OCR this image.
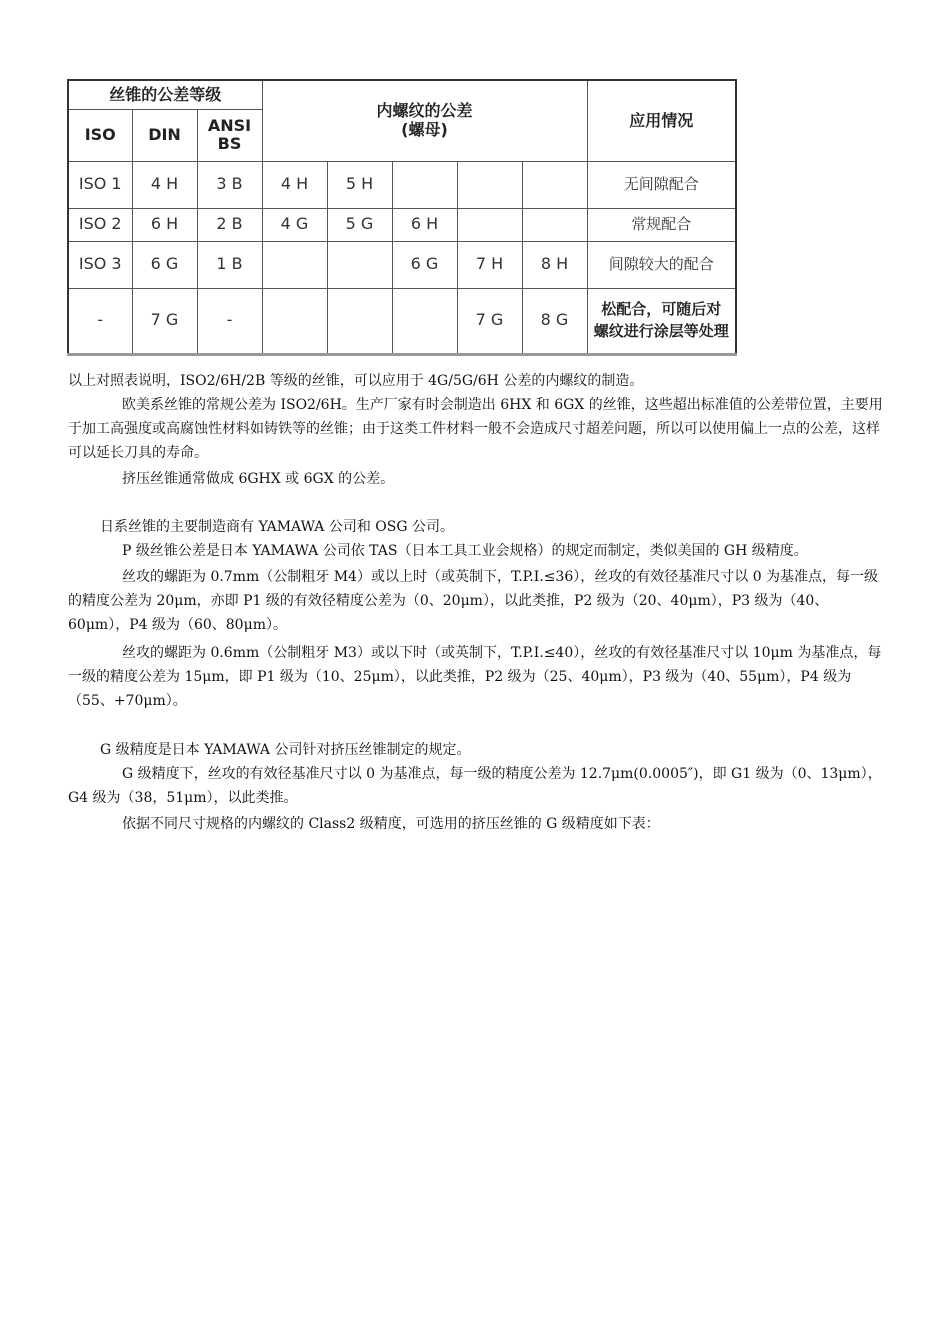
丝锥的公差等级			内螺纹的公差
(螺母)					应用情况
ISO	DIN	ANSI
BS						
ISO 1	4 H	3 B	4 H	5 H				无间隙配合
ISO 2	6 H	2 B	4 G	5 G	6 H			常规配合
ISO 3	6 G	1 B			6 G	7 H	8 H	间隙较大的配合
-	7 G	-				7 G	8 G	松配合，可随后对
螺纹进行涂层等处理

以上对照表说明，ISO2/6H/2B 等级的丝锥，可以应用于 4G/5G/6H 公差的内螺纹的制造。

欧美系丝锥的常规公差为 ISO2/6H。生产厂家有时会制造出 6HX 和 6GX 的丝锥，这些超出标准值的公差带位置，主要用于加工高强度或高腐蚀性材料如铸铁等的丝锥；由于这类工件材料一般不会造成尺寸超差问题，所以可以使用偏上一点的公差，这样可以延长刀具的寿命。

挤压丝锥通常做成 6GHX 或 6GX 的公差。

日系丝锥的主要制造商有 YAMAWA 公司和 OSG 公司。

P 级丝锥公差是日本 YAMAWA 公司依 TAS（日本工具工业会规格）的规定而制定，类似美国的 GH 级精度。

丝攻的螺距为 0.7mm（公制粗牙 M4）或以上时（或英制下，T.P.I.≤36），丝攻的有效径基准尺寸以 0 为基准点，每一级的精度公差为 20μm，亦即 P1 级的有效径精度公差为（0、20μm），以此类推，P2 级为（20、40μm），P3 级为（40、60μm），P4 级为（60、80μm）。

丝攻的螺距为 0.6mm（公制粗牙 M3）或以下时（或英制下，T.P.I.≤40），丝攻的有效径基准尺寸以 10μm 为基准点，每一级的精度公差为 15μm，即 P1 级为（10、25μm），以此类推，P2 级为（25、40μm），P3 级为（40、55μm），P4 级为（55、+70μm）。

G 级精度是日本 YAMAWA 公司针对挤压丝锥制定的规定。

G 级精度下，丝攻的有效径基准尺寸以 0 为基准点，每一级的精度公差为 12.7μm(0.0005″)，即 G1 级为（0、13μm），G4 级为（38，51μm），以此类推。

依据不同尺寸规格的内螺纹的 Class2 级精度，可选用的挤压丝锥的 G 级精度如下表：
